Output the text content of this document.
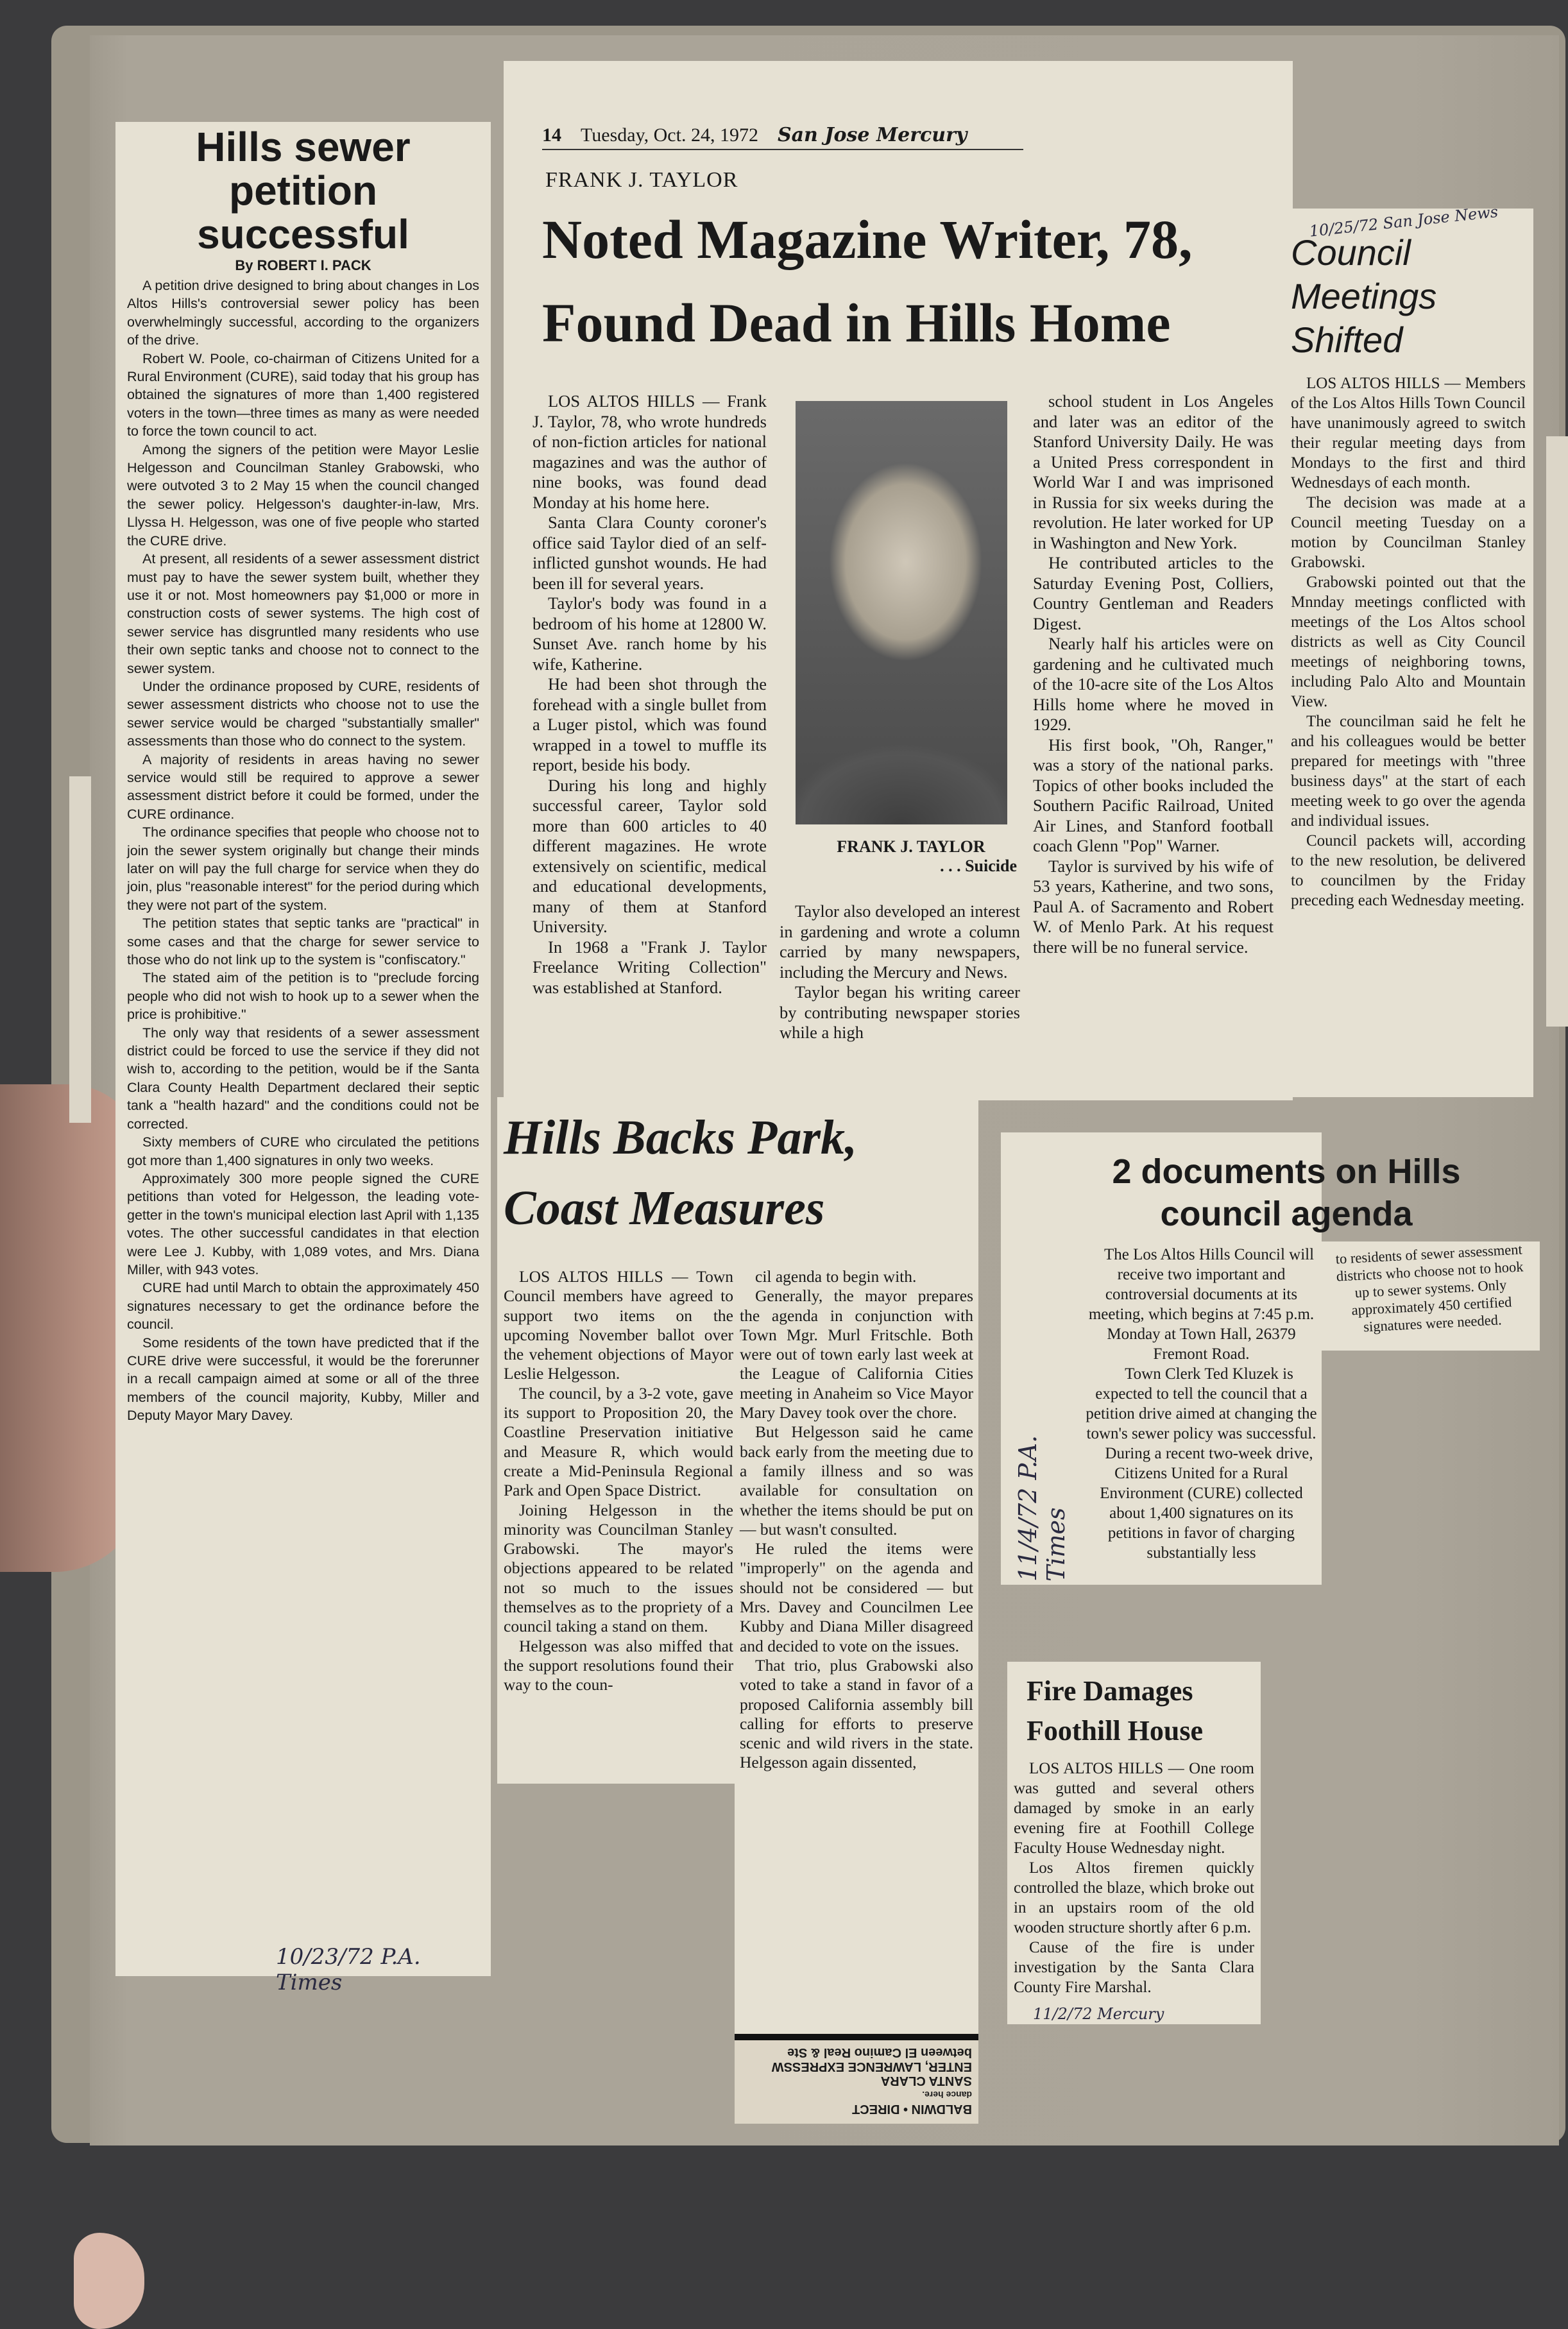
Hills sewer petition successful
By ROBERT I. PACK

A petition drive designed to bring about changes in Los Altos Hills's controversial sewer policy has been overwhelmingly successful, according to the organizers of the drive.

Robert W. Poole, co-chairman of Citizens United for a Rural Environment (CURE), said today that his group has obtained the signatures of more than 1,400 registered voters in the town—three times as many as were needed to force the town council to act.

Among the signers of the petition were Mayor Leslie Helgesson and Councilman Stanley Grabowski, who were outvoted 3 to 2 May 15 when the council changed the sewer policy. Helgesson's daughter-in-law, Mrs. Llyssa H. Helgesson, was one of five people who started the CURE drive.

At present, all residents of a sewer assessment district must pay to have the sewer system built, whether they use it or not. Most homeowners pay $1,000 or more in construction costs of sewer systems. The high cost of sewer service has disgruntled many residents who use their own septic tanks and choose not to connect to the sewer system.

Under the ordinance proposed by CURE, residents of sewer assessment districts who choose not to use the sewer service would be charged "substantially smaller" assessments than those who do connect to the system.

A majority of residents in areas having no sewer service would still be required to approve a sewer assessment district before it could be formed, under the CURE ordinance.

The ordinance specifies that people who choose not to join the sewer system originally but change their minds later on will pay the full charge for service when they do join, plus "reasonable interest" for the period during which they were not part of the system.

The petition states that septic tanks are "practical" in some cases and that the charge for sewer service to those who do not link up to the system is "confiscatory."

The stated aim of the petition is to "preclude forcing people who did not wish to hook up to a sewer when the price is prohibitive."

The only way that residents of a sewer assessment district could be forced to use the service if they did not wish to, according to the petition, would be if the Santa Clara County Health Department declared their septic tank a "health hazard" and the conditions could not be corrected.

Sixty members of CURE who circulated the petitions got more than 1,400 signatures in only two weeks.

Approximately 300 more people signed the CURE petitions than voted for Helgesson, the leading vote-getter in the town's municipal election last April with 1,135 votes. The other successful candidates in that election were Lee J. Kubby, with 1,089 votes, and Mrs. Diana Miller, with 943 votes.

CURE had until March to obtain the approximately 450 signatures necessary to get the ordinance before the council.

Some residents of the town have predicted that if the CURE drive were successful, it would be the forerunner in a recall campaign aimed at some or all of the three members of the council majority, Kubby, Miller and Deputy Mayor Mary Davey.

10/23/72 P.A. Times
14 Tuesday, Oct. 24, 1972 San Jose Mercury
FRANK J. TAYLOR
Noted Magazine Writer, 78, Found Dead in Hills Home

LOS ALTOS HILLS — Frank J. Taylor, 78, who wrote hundreds of non-fiction articles for national magazines and was the author of nine books, was found dead Monday at his home here.

Santa Clara County coroner's office said Taylor died of an self-inflicted gunshot wounds. He had been ill for several years.

Taylor's body was found in a bedroom of his home at 12800 W. Sunset Ave. ranch home by his wife, Katherine.

He had been shot through the forehead with a single bullet from a Luger pistol, which was found wrapped in a towel to muffle its report, beside his body.

During his long and highly successful career, Taylor sold more than 600 articles to 40 different magazines. He wrote extensively on scientific, medical and educational developments, many of them at Stanford University.

In 1968 a "Frank J. Taylor Freelance Writing Collection" was established at Stanford.

FRANK J. TAYLOR
. . . Suicide

Taylor also developed an interest in gardening and wrote a column carried by many newspapers, including the Mercury and News.

Taylor began his writing career by contributing newspaper stories while a high

school student in Los Angeles and later was an editor of the Stanford University Daily. He was a United Press correspondent in World War I and was imprisoned in Russia for six weeks during the revolution. He later worked for UP in Washington and New York.

He contributed articles to the Saturday Evening Post, Colliers, Country Gentleman and Readers Digest.

Nearly half his articles were on gardening and he cultivated much of the 10-acre site of the Los Altos Hills home where he moved in 1929.

His first book, "Oh, Ranger," was a story of the national parks. Topics of other books included the Southern Pacific Railroad, United Air Lines, and Stanford football coach Glenn "Pop" Warner.

Taylor is survived by his wife of 53 years, Katherine, and two sons, Paul A. of Sacramento and Robert W. of Menlo Park. At his request there will be no funeral service.

10/25/72 San Jose News
Council Meetings Shifted

LOS ALTOS HILLS — Members of the Los Altos Hills Town Council have unanimously agreed to switch their regular meeting days from Mondays to the first and third Wednesdays of each month.

The decision was made at a Council meeting Tuesday on a motion by Councilman Stanley Grabowski.

Grabowski pointed out that the Mnnday meetings conflicted with meetings of the Los Altos school districts as well as City Council meetings of neighboring towns, including Palo Alto and Mountain View.

The councilman said he felt he and his colleagues would be better prepared for meetings with "three business days" at the start of each meeting week to go over the agenda and individual issues.

Council packets will, according to the new resolution, be delivered to councilmen by the Friday preceding each Wednesday meeting.

Hills Backs Park, Coast Measures

LOS ALTOS HILLS — Town Council members have agreed to support two items on the upcoming November ballot over the vehement objections of Mayor Leslie Helgesson.

The council, by a 3-2 vote, gave its support to Proposition 20, the Coastline Preservation initiative and Measure R, which would create a Mid-Peninsula Regional Park and Open Space District.

Joining Helgesson in the minority was Councilman Stanley Grabowski. The mayor's objections appeared to be related not so much to the issues themselves as to the propriety of a council taking a stand on them.

Helgesson was also miffed that the support resolutions found their way to the coun-

cil agenda to begin with.

Generally, the mayor prepares the agenda in conjunction with Town Mgr. Murl Fritschle. Both were out of town early last week at the League of California Cities meeting in Anaheim so Vice Mayor Mary Davey took over the chore.

But Helgesson said he came back early from the meeting due to a family illness and so was available for consultation on whether the items should be put on — but wasn't consulted.

He ruled the items were "improperly" on the agenda and should not be considered — but Mrs. Davey and Councilmen Lee Kubby and Diana Miller disagreed and decided to vote on the issues.

That trio, plus Grabowski also voted to take a stand in favor of a proposed California assembly bill calling for efforts to preserve scenic and wild rivers in the state. Helgesson again dissented,

BALDWIN • DIRECT
dance here.
SANTA CLARA
ENTER, LAWRENCE EXPRESSW
between El Camino Real & Ste
11/4/72 P.A. Times

The Los Altos Hills Council will receive two important and controversial documents at its meeting, which begins at 7:45 p.m. Monday at Town Hall, 26379 Fremont Road.

Town Clerk Ted Kluzek is expected to tell the council that a petition drive aimed at changing the town's sewer policy was successful.

During a recent two-week drive, Citizens United for a Rural Environment (CURE) collected about 1,400 signatures on its petitions in favor of charging substantially less

2 documents on Hills council agenda
to residents of sewer assessment districts who choose not to hook up to sewer systems. Only approximately 450 certified signatures were needed.
Fire Damages Foothill House

LOS ALTOS HILLS — One room was gutted and several others damaged by smoke in an early evening fire at Foothill College Faculty House Wednesday night.

Los Altos firemen quickly controlled the blaze, which broke out in an upstairs room of the old wooden structure shortly after 6 p.m.

Cause of the fire is under investigation by the Santa Clara County Fire Marshal.

11/2/72 Mercury
